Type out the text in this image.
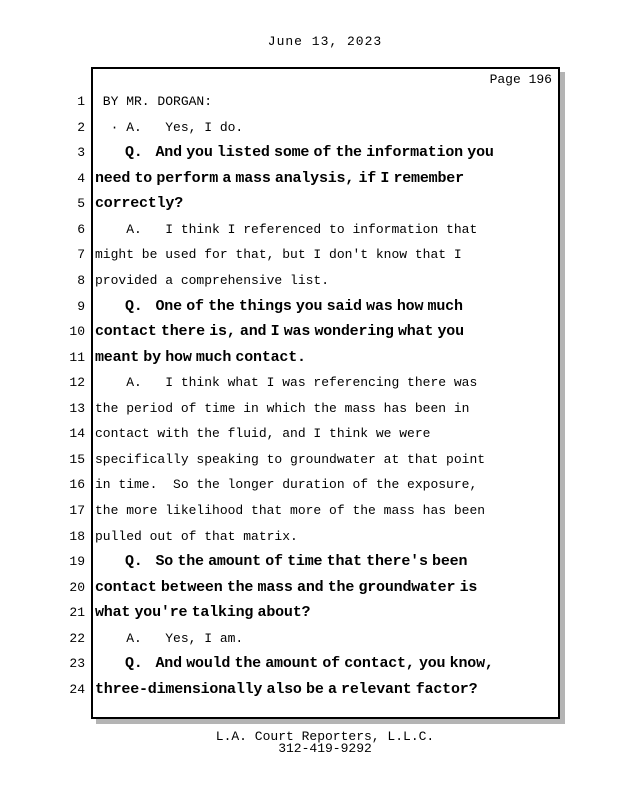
June 13, 2023
Page 196
1 BY MR. DORGAN:
2 · A.   Yes, I do.
3	Q.   And you listed some of the information you
4 need to perform a mass analysis, if I remember
5 correctly?
6 A.   I think I referenced to information that
7 might be used for that, but I don't know that I
8 provided a comprehensive list.
9	Q.   One of the things you said was how much
10 contact there is, and I was wondering what you
11 meant by how much contact.
12 A.   I think what I was referencing there was
13 the period of time in which the mass has been in
14 contact with the fluid, and I think we were
15 specifically speaking to groundwater at that point
16 in time.  So the longer duration of the exposure,
17 the more likelihood that more of the mass has been
18 pulled out of that matrix.
19	Q.   So the amount of time that there's been
20 contact between the mass and the groundwater is
21 what you're talking about?
22 A.   Yes, I am.
23	Q.   And would the amount of contact, you know,
24 three-dimensionally also be a relevant factor?
L.A. Court Reporters, L.L.C.
312-419-9292
